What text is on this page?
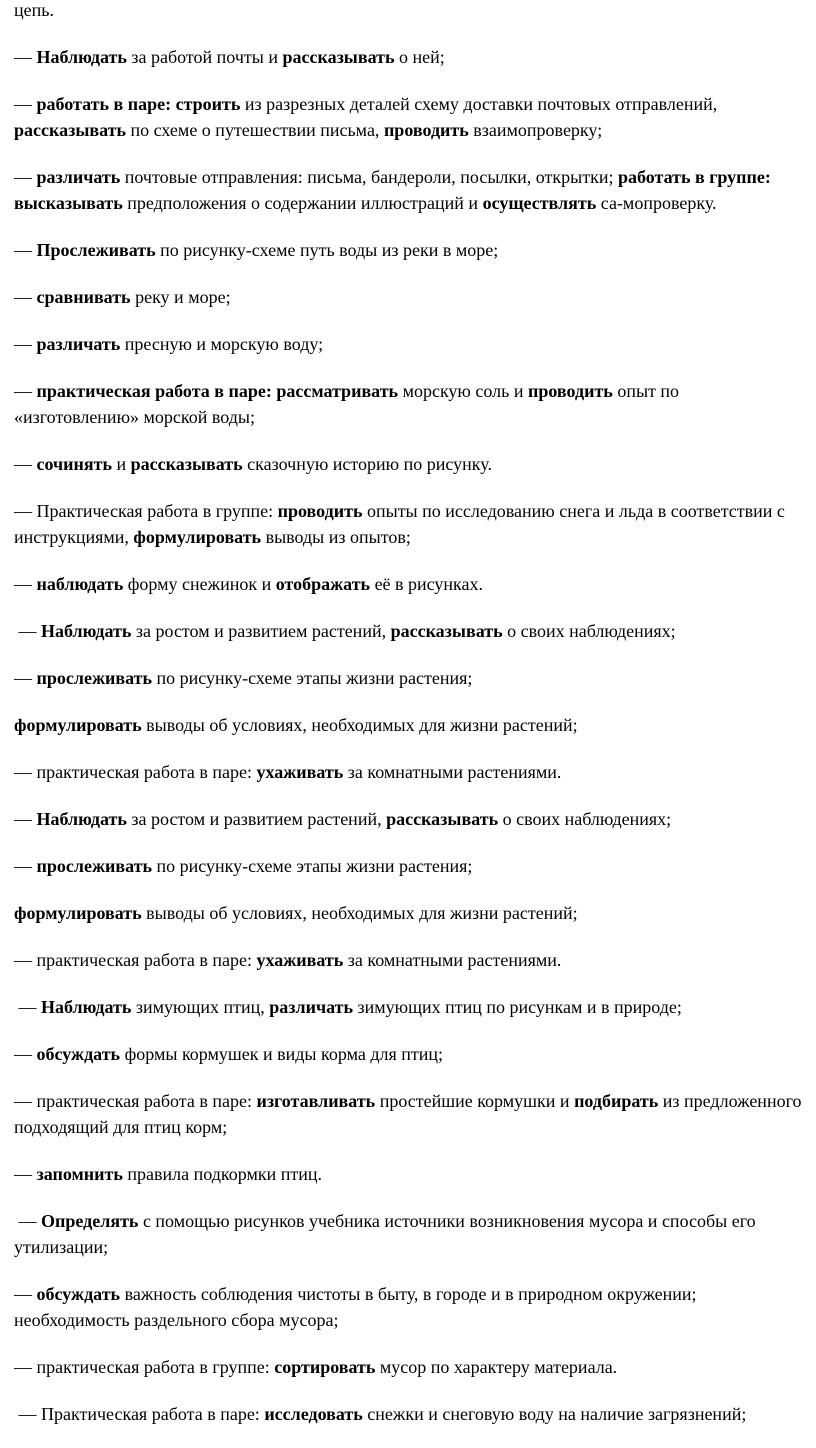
цепь.

— Наблюдать за работой почты и рассказывать о ней;

— работать в паре: строить из разрезных деталей схему доставки почтовых отправлений, рассказывать по схеме о путешествии письма, проводить взаимопроверку;

— различать почтовые отправления: письма, бандероли, посылки, открытки; работать в группе: высказывать предположения о содержании иллюстраций и осуществлять са-мопроверку.

— Прослеживать по рисунку-схеме путь воды из реки в море;

— сравнивать реку и море;

— различать пресную и морскую воду;

— практическая работа в паре: рассматривать морскую соль и проводить опыт по «изготовлению» морской воды;

— сочинять и рассказывать сказочную историю по рисунку.

— Практическая работа в группе: проводить опыты по исследованию снега и льда в соответствии с инструкциями, формулировать выводы из опытов;

— наблюдать форму снежинок и отображать её в рисунках.

— Наблюдать за ростом и развитием растений, рассказывать о своих наблюдениях;

— прослеживать по рисунку-схеме этапы жизни растения;

формулировать выводы об условиях, необходимых для жизни растений;

— практическая работа в паре: ухаживать за комнатными растениями.

— Наблюдать за ростом и развитием растений, рассказывать о своих наблюдениях;

— прослеживать по рисунку-схеме этапы жизни растения;

формулировать выводы об условиях, необходимых для жизни растений;

— практическая работа в паре: ухаживать за комнатными растениями.

— Наблюдать зимующих птиц, различать зимующих птиц по рисункам и в природе;

— обсуждать формы кормушек и виды корма для птиц;

— практическая работа в паре: изготавливать простейшие кормушки и подбирать из предложенного подходящий для птиц корм;

— запомнить правила подкормки птиц.

— Определять с помощью рисунков учебника источники возникновения мусора и способы его утилизации;

— обсуждать важность соблюдения чистоты в быту, в городе и в природном окружении; необходимость раздельного сбора мусора;

— практическая работа в группе: сортировать мусор по характеру материала.

— Практическая работа в паре: исследовать снежки и снеговую воду на наличие загрязнений;
